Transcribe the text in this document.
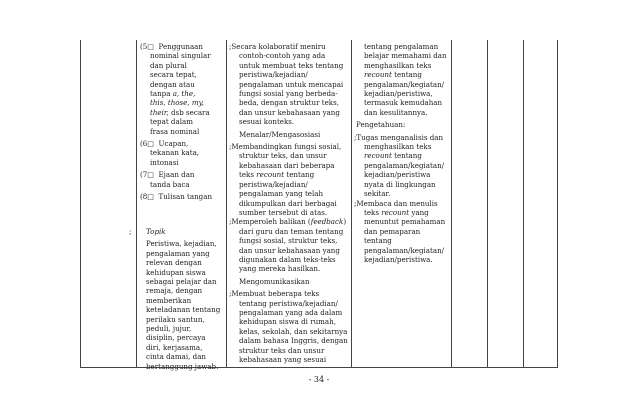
(5□ Penggunaan

nominal singular

dan plural

secara tepat,

dengan atau

tanpa a, the,

this, those, my,

their, dsb secara

tepat dalam

frasa nominal

(6□ Ucapan,

tekanan kata,

intonasi

(7□ Ejaan dan

tanda baca

(8□ Tulisan tangan

; Topik

Peristiwa, kejadian,

pengalaman yang

relevan dengan

kehidupan siswa

sebagai pelajar dan

remaja, dengan

memberikan

keteladanan tentang

perilaku santun,

peduli, jujur,

disiplin, percaya

diri, kerjasama,

cinta damai, dan

bertanggung jawab.

;Secara kolaboratif meniru

contoh-contoh yang ada

untuk membuat teks tentang

peristiwa/kejadian/

pengalaman untuk mencapai

fungsi sosial yang berbeda-

beda, dengan struktur teks,

dan unsur kebahasaan yang

sesuai konteks.

Menalar/Mengasosiasi

;Membandingkan fungsi sosial,

struktur teks, dan unsur

kebahasaan dari beberapa

teks recount tentang

peristiwa/kejadian/

pengalaman yang telah

dikumpulkan dari berbagai

sumber tersebut di atas.

;Memperoleh balikan (feedback)

dari guru dan teman tentang

fungsi sosial, struktur teks,

dan unsur kebahasaan yang

digunakan dalam teks-teks

yang mereka hasilkan.

Mengomunikasikan

;Membuat beberapa teks

tentang peristiwa/kejadian/

pengalaman yang ada dalam

kehidupan siswa di rumah,

kelas, sekolah, dan sekitarnya

dalam bahasa Inggris, dengan

struktur teks dan unsur

kebahasaan yang sesuai

tentang pengalaman

belajar memahami dan

menghasilkan teks

recount tentang

pengalaman/kegiatan/

kejadian/peristiwa,

termasuk kemudahan

dan kesulitannya.

Pengetahuan:

;Tugas menganalisis dan

menghasilkan teks

recount tentang

pengalaman/kegiatan/

kejadian/peristiwa

nyata di lingkungan

sekitar.

;Membaca dan menulis

teks recount yang

menuntut pemahaman

dan pemaparan

tentang

pengalaman/kegiatan/

kejadian/peristiwa.

- 34 -
